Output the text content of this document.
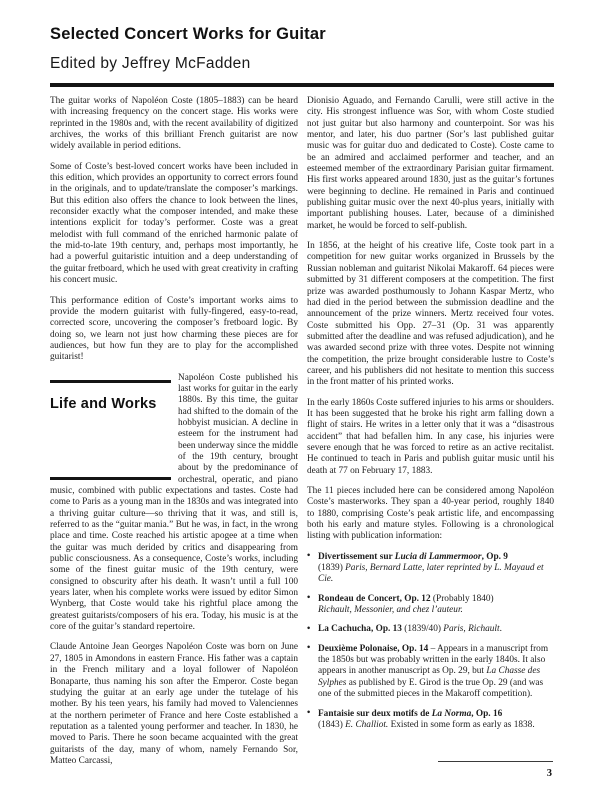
Selected Concert Works for Guitar
Edited by Jeffrey McFadden

The guitar works of Napoléon Coste (1805–1883) can be heard with increasing frequency on the concert stage. His works were reprinted in the 1980s and, with the recent availability of digitized archives, the works of this brilliant French guitarist are now widely available in period editions.

Some of Coste’s best-loved concert works have been included in this edition, which provides an opportunity to correct errors found in the originals, and to update/translate the composer’s markings. But this edition also offers the chance to look between the lines, reconsider exactly what the composer intended, and make these intentions explicit for today’s performer. Coste was a great melodist with full command of the enriched harmonic palate of the mid-to-late 19th century, and, perhaps most importantly, he had a powerful guitaristic intuition and a deep understanding of the guitar fretboard, which he used with great creativity in crafting his concert music.

This performance edition of Coste’s important works aims to provide the modern guitarist with fully-fingered, easy-to-read, corrected score, uncovering the composer’s fretboard logic. By doing so, we learn not just how charming these pieces are for audiences, but how fun they are to play for the accomplished guitarist!

Life and Works

Napoléon Coste published his last works for guitar in the early 1880s. By this time, the guitar had shifted to the domain of the hobbyist musician. A decline in esteem for the instrument had been underway since the middle of the 19th century, brought about by the predominance of orchestral, operatic, and piano music, combined with public expectations and tastes. Coste had come to Paris as a young man in the 1830s and was integrated into a thriving guitar culture—so thriving that it was, and still is, referred to as the “guitar mania.” But he was, in fact, in the wrong place and time. Coste reached his artistic apogee at a time when the guitar was much derided by critics and disappearing from public consciousness. As a consequence, Coste’s works, including some of the finest guitar music of the 19th century, were consigned to obscurity after his death. It wasn’t until a full 100 years later, when his complete works were issued by editor Simon Wynberg, that Coste would take his rightful place among the greatest guitarists/composers of his era. Today, his music is at the core of the guitar’s standard repertoire.

Claude Antoine Jean Georges Napoléon Coste was born on June 27, 1805 in Amondons in eastern France. His father was a captain in the French military and a loyal follower of Napoléon Bonaparte, thus naming his son after the Emperor. Coste began studying the guitar at an early age under the tutelage of his mother. By his teen years, his family had moved to Valenciennes at the northern perimeter of France and here Coste established a reputation as a talented young performer and teacher. In 1830, he moved to Paris. There he soon became acquainted with the great guitarists of the day, many of whom, namely Fernando Sor, Matteo Carcassi,

Dionisio Aguado, and Fernando Carulli, were still active in the city. His strongest influence was Sor, with whom Coste studied not just guitar but also harmony and counterpoint. Sor was his mentor, and later, his duo partner (Sor’s last published guitar music was for guitar duo and dedicated to Coste). Coste came to be an admired and acclaimed performer and teacher, and an esteemed member of the extraordinary Parisian guitar firmament. His first works appeared around 1830, just as the guitar’s fortunes were beginning to decline. He remained in Paris and continued publishing guitar music over the next 40-plus years, initially with important publishing houses. Later, because of a diminished market, he would be forced to self-publish.

In 1856, at the height of his creative life, Coste took part in a competition for new guitar works organized in Brussels by the Russian nobleman and guitarist Nikolai Makaroff. 64 pieces were submitted by 31 different composers at the competition. The first prize was awarded posthumously to Johann Kaspar Mertz, who had died in the period between the submission deadline and the announcement of the prize winners. Mertz received four votes. Coste submitted his Opp. 27–31 (Op. 31 was apparently submitted after the deadline and was refused adjudication), and he was awarded second prize with three votes. Despite not winning the competition, the prize brought considerable lustre to Coste’s career, and his publishers did not hesitate to mention this success in the front matter of his printed works.

In the early 1860s Coste suffered injuries to his arms or shoulders. It has been suggested that he broke his right arm falling down a flight of stairs. He writes in a letter only that it was a “disastrous accident” that had befallen him. In any case, his injuries were severe enough that he was forced to retire as an active recitalist. He continued to teach in Paris and publish guitar music until his death at 77 on February 17, 1883.

The 11 pieces included here can be considered among Napoléon Coste’s masterworks. They span a 40-year period, roughly 1840 to 1880, comprising Coste’s peak artistic life, and encompassing both his early and mature styles. Following is a chronological listing with publication information:

• Divertissement sur Lucia di Lammermoor, Op. 9
(1839) Paris, Bernard Latte, later reprinted by L. Mayaud et Cie.
• Rondeau de Concert, Op. 12 (Probably 1840)
Richault, Messonier, and chez l’auteur.
• La Cachucha, Op. 13 (1839/40) Paris, Richault.
• Deuxième Polonaise, Op. 14 – Appears in a manuscript from the 1850s but was probably written in the early 1840s. It also appears in another manuscript as Op. 29, but La Chasse des Sylphes as published by E. Girod is the true Op. 29 (and was one of the submitted pieces in the Makaroff competition).
• Fantaisie sur deux motifs de La Norma, Op. 16
(1843) E. Challiot. Existed in some form as early as 1838.
3
